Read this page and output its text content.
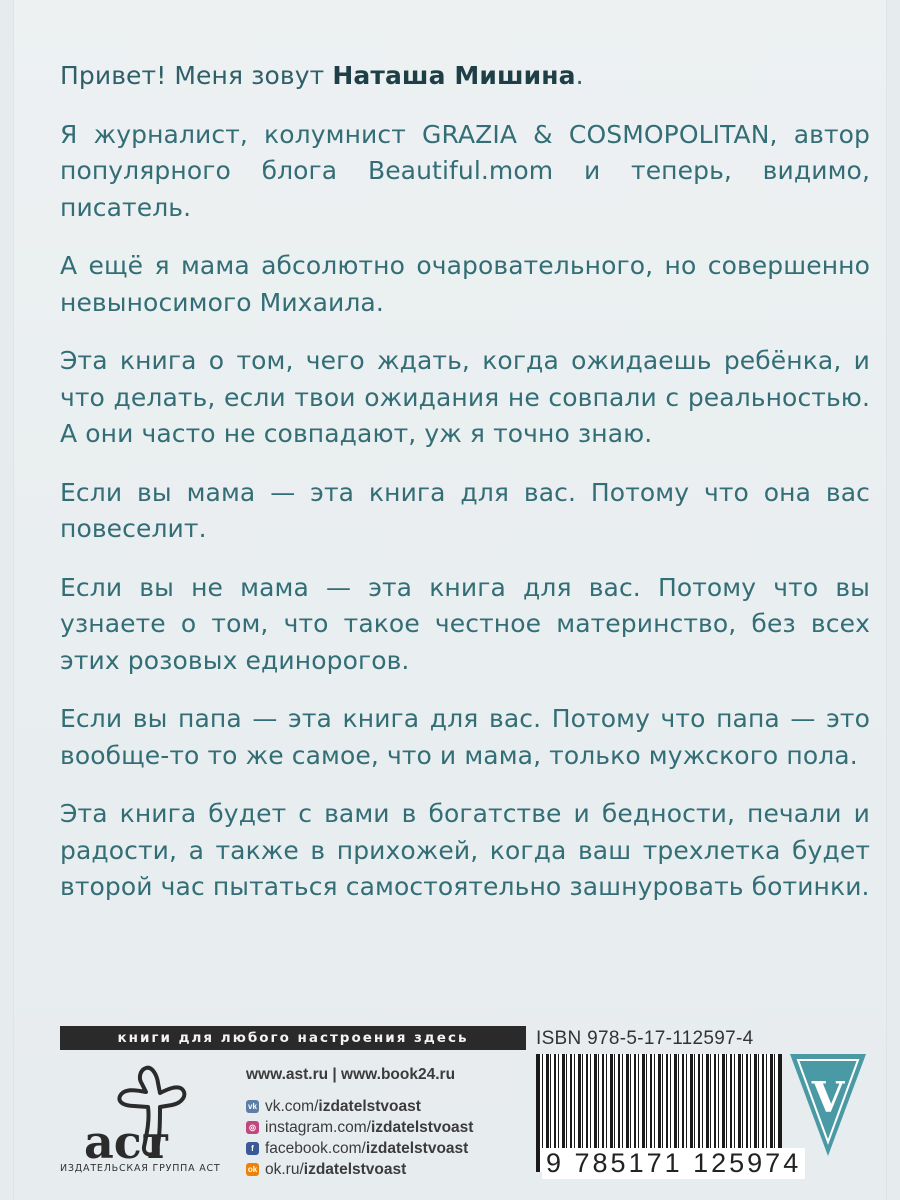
Привет! Меня зовут Наташа Мишина.

Я журналист, колумнист GRAZIA & COSMOPOLITAN, автор популярного блога Beautiful.mom и теперь, видимо, писатель.

А ещё я мама абсолютно очаровательного, но совершенно невыносимого Михаила.

Эта книга о том, чего ждать, когда ожидаешь ребёнка, и что делать, если твои ожидания не совпали с реальностью. А они часто не совпадают, уж я точно знаю.

Если вы мама — эта книга для вас. Потому что она вас повеселит.

Если вы не мама — эта книга для вас. Потому что вы узнаете о том, что такое честное материнство, без всех этих розовых единорогов.

Если вы папа — эта книга для вас. Потому что папа — это вообще-то то же самое, что и мама, только мужского пола.

Эта книга будет с вами в богатстве и бедности, печали и радости, а также в прихожей, когда ваш трехлетка будет второй час пытаться самостоятельно зашнуровать ботинки.

книги для любого настроения здесь
аст
ИЗДАТЕЛЬСКАЯ ГРУППА АСТ
www.ast.ru | www.book24.ru
vk vk.com/ izdatelstvoast
◎ instagram.com/ izdatelstvoast
f facebook.com/ izdatelstvoast
ok ok.ru/ izdatelstvoast
ISBN 978-5-17-112597-4
9 785171 125974
V
